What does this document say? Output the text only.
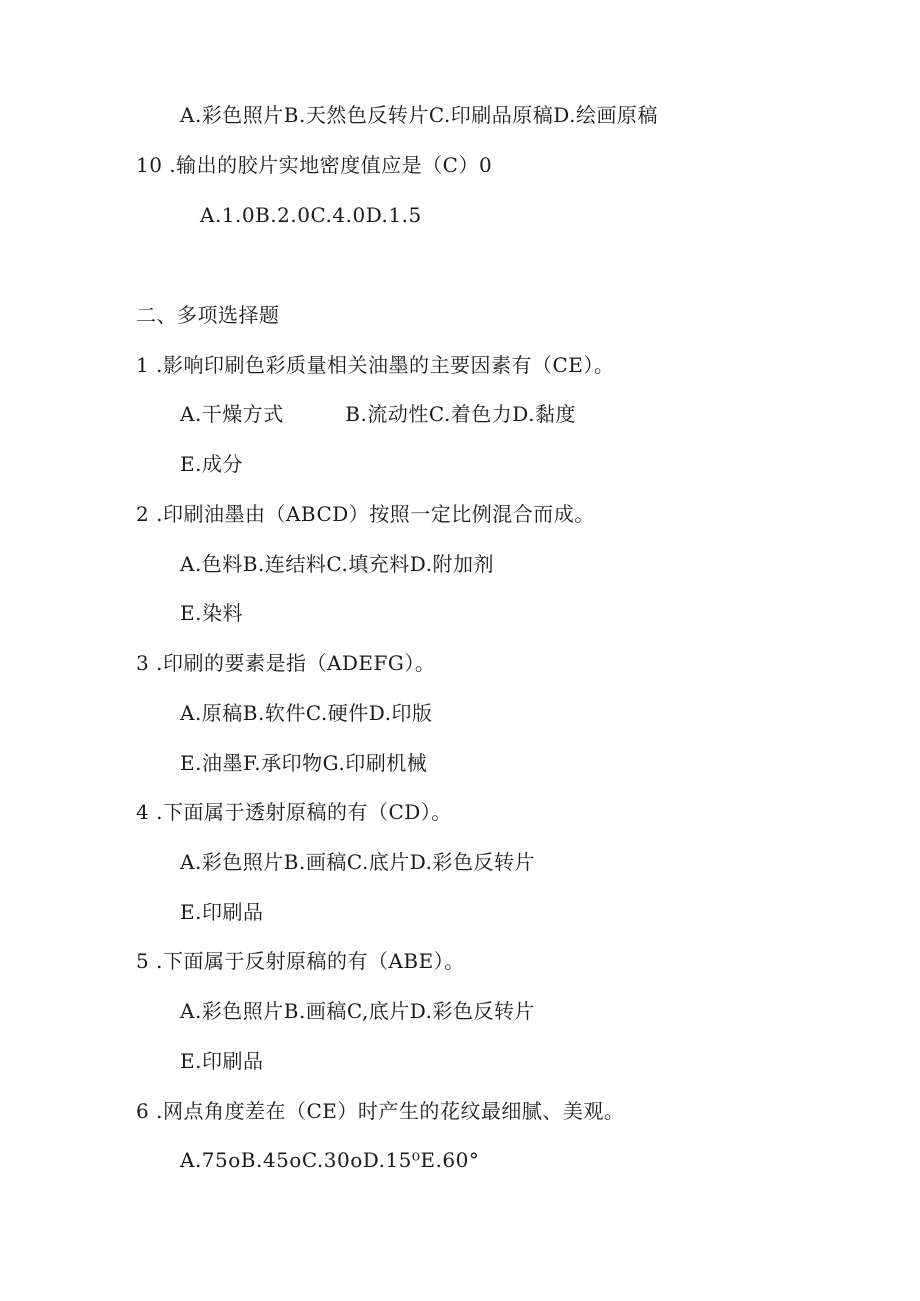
A.彩色照片B.天然色反转片C.印刷品原稿D.绘画原稿
10 .输出的胶片实地密度值应是（C）0
A.1.0B.2.0C.4.0D.1.5
二、多项选择题
1 .影响印刷色彩质量相关油墨的主要因素有（CE）。
A.干燥方式　　　B.流动性C.着色力D.黏度
E.成分
2 .印刷油墨由（ABCD）按照一定比例混合而成。
A.色料B.连结料C.填充料D.附加剂
E.染料
3 .印刷的要素是指（ADEFG）。
A.原稿B.软件C.硬件D.印版
E.油墨F.承印物G.印刷机械
4 .下面属于透射原稿的有（CD）。
A.彩色照片B.画稿C.底片D.彩色反转片
E.印刷品
5 .下面属于反射原稿的有（ABE）。
A.彩色照片B.画稿C,底片D.彩色反转片
E.印刷品
6 .网点角度差在（CE）时产生的花纹最细腻、美观。
A.75oB.45oC.30oD.15⁰E.60°
